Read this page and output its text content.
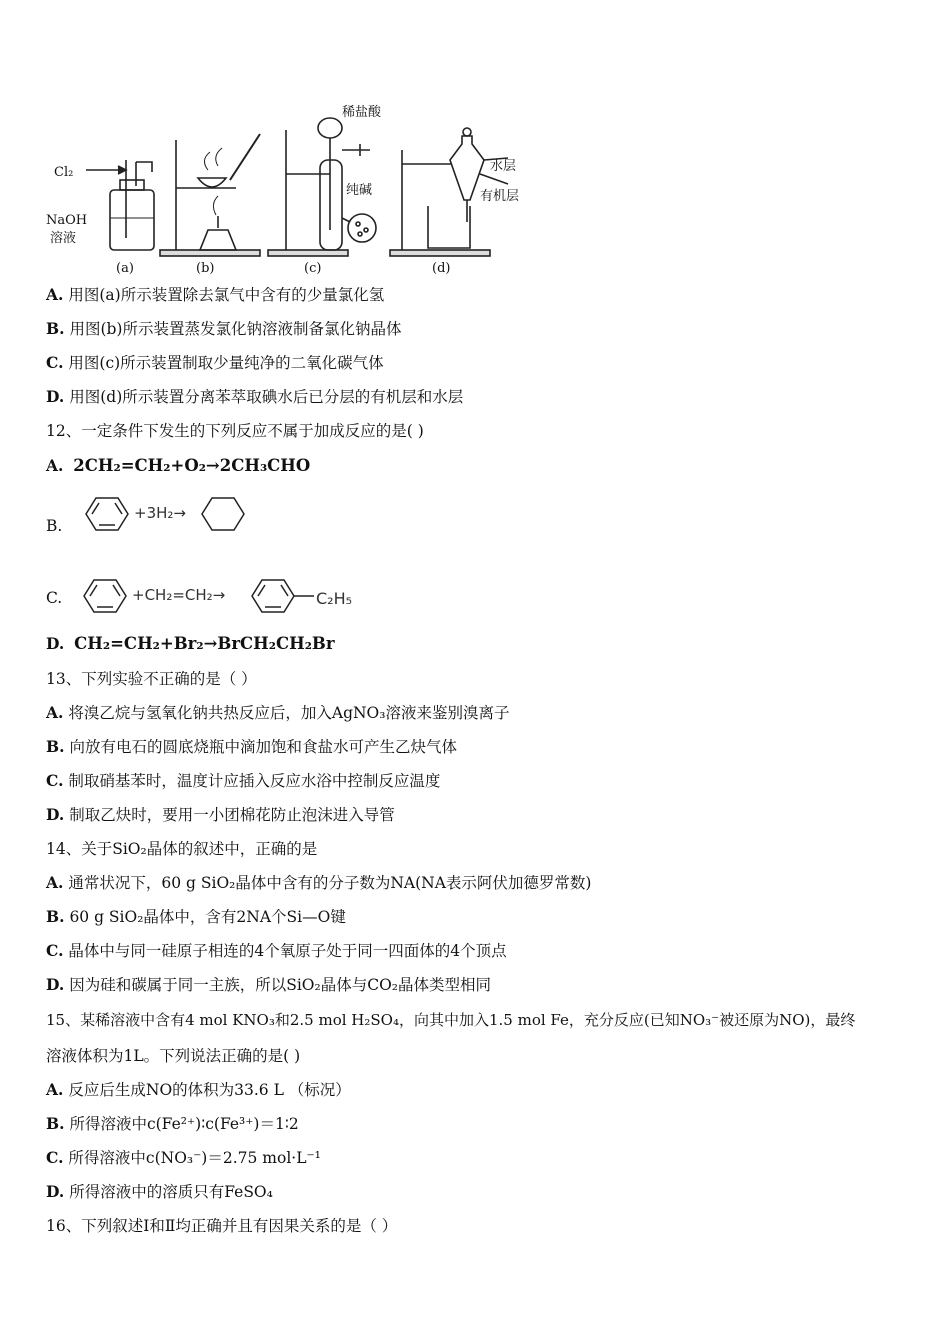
Cl₂
NaOH
溶液
稀盐酸
纯碱
水层
有机层
(a)	(b)	(c)	(d)
A. 用图(a)所示装置除去氯气中含有的少量氯化氢
B. 用图(b)所示装置蒸发氯化钠溶液制备氯化钠晶体
C. 用图(c)所示装置制取少量纯净的二氧化碳气体
D. 用图(d)所示装置分离苯萃取碘水后已分层的有机层和水层
12、一定条件下发生的下列反应不属于加成反应的是( )
A. 2CH₂=CH₂+O₂→2CH₃CHO
B.
+3H₂→
C.	+CH₂=CH₂→	C₂H₅
D. CH₂=CH₂+Br₂→BrCH₂CH₂Br
13、下列实验不正确的是（ ）
A. 将溴乙烷与氢氧化钠共热反应后，加入AgNO₃溶液来鉴别溴离子
B. 向放有电石的圆底烧瓶中滴加饱和食盐水可产生乙炔气体
C. 制取硝基苯时，温度计应插入反应水浴中控制反应温度
D. 制取乙炔时，要用一小团棉花防止泡沫进入导管
14、关于SiO₂晶体的叙述中，正确的是
A. 通常状况下，60 g SiO₂晶体中含有的分子数为NA(NA表示阿伏加德罗常数)
B. 60 g SiO₂晶体中，含有2NA个Si—O键
C. 晶体中与同一硅原子相连的4个氧原子处于同一四面体的4个顶点
D. 因为硅和碳属于同一主族，所以SiO₂晶体与CO₂晶体类型相同
15、某稀溶液中含有4 mol KNO₃和2.5 mol H₂SO₄，向其中加入1.5 mol Fe，充分反应(已知NO₃⁻被还原为NO)，最终
溶液体积为1L。下列说法正确的是( )
A. 反应后生成NO的体积为33.6 L （标况）
B. 所得溶液中c(Fe²⁺)∶c(Fe³⁺)＝1∶2
C. 所得溶液中c(NO₃⁻)＝2.75 mol·L⁻¹
D. 所得溶液中的溶质只有FeSO₄
16、下列叙述Ⅰ和Ⅱ均正确并且有因果关系的是（ ）
